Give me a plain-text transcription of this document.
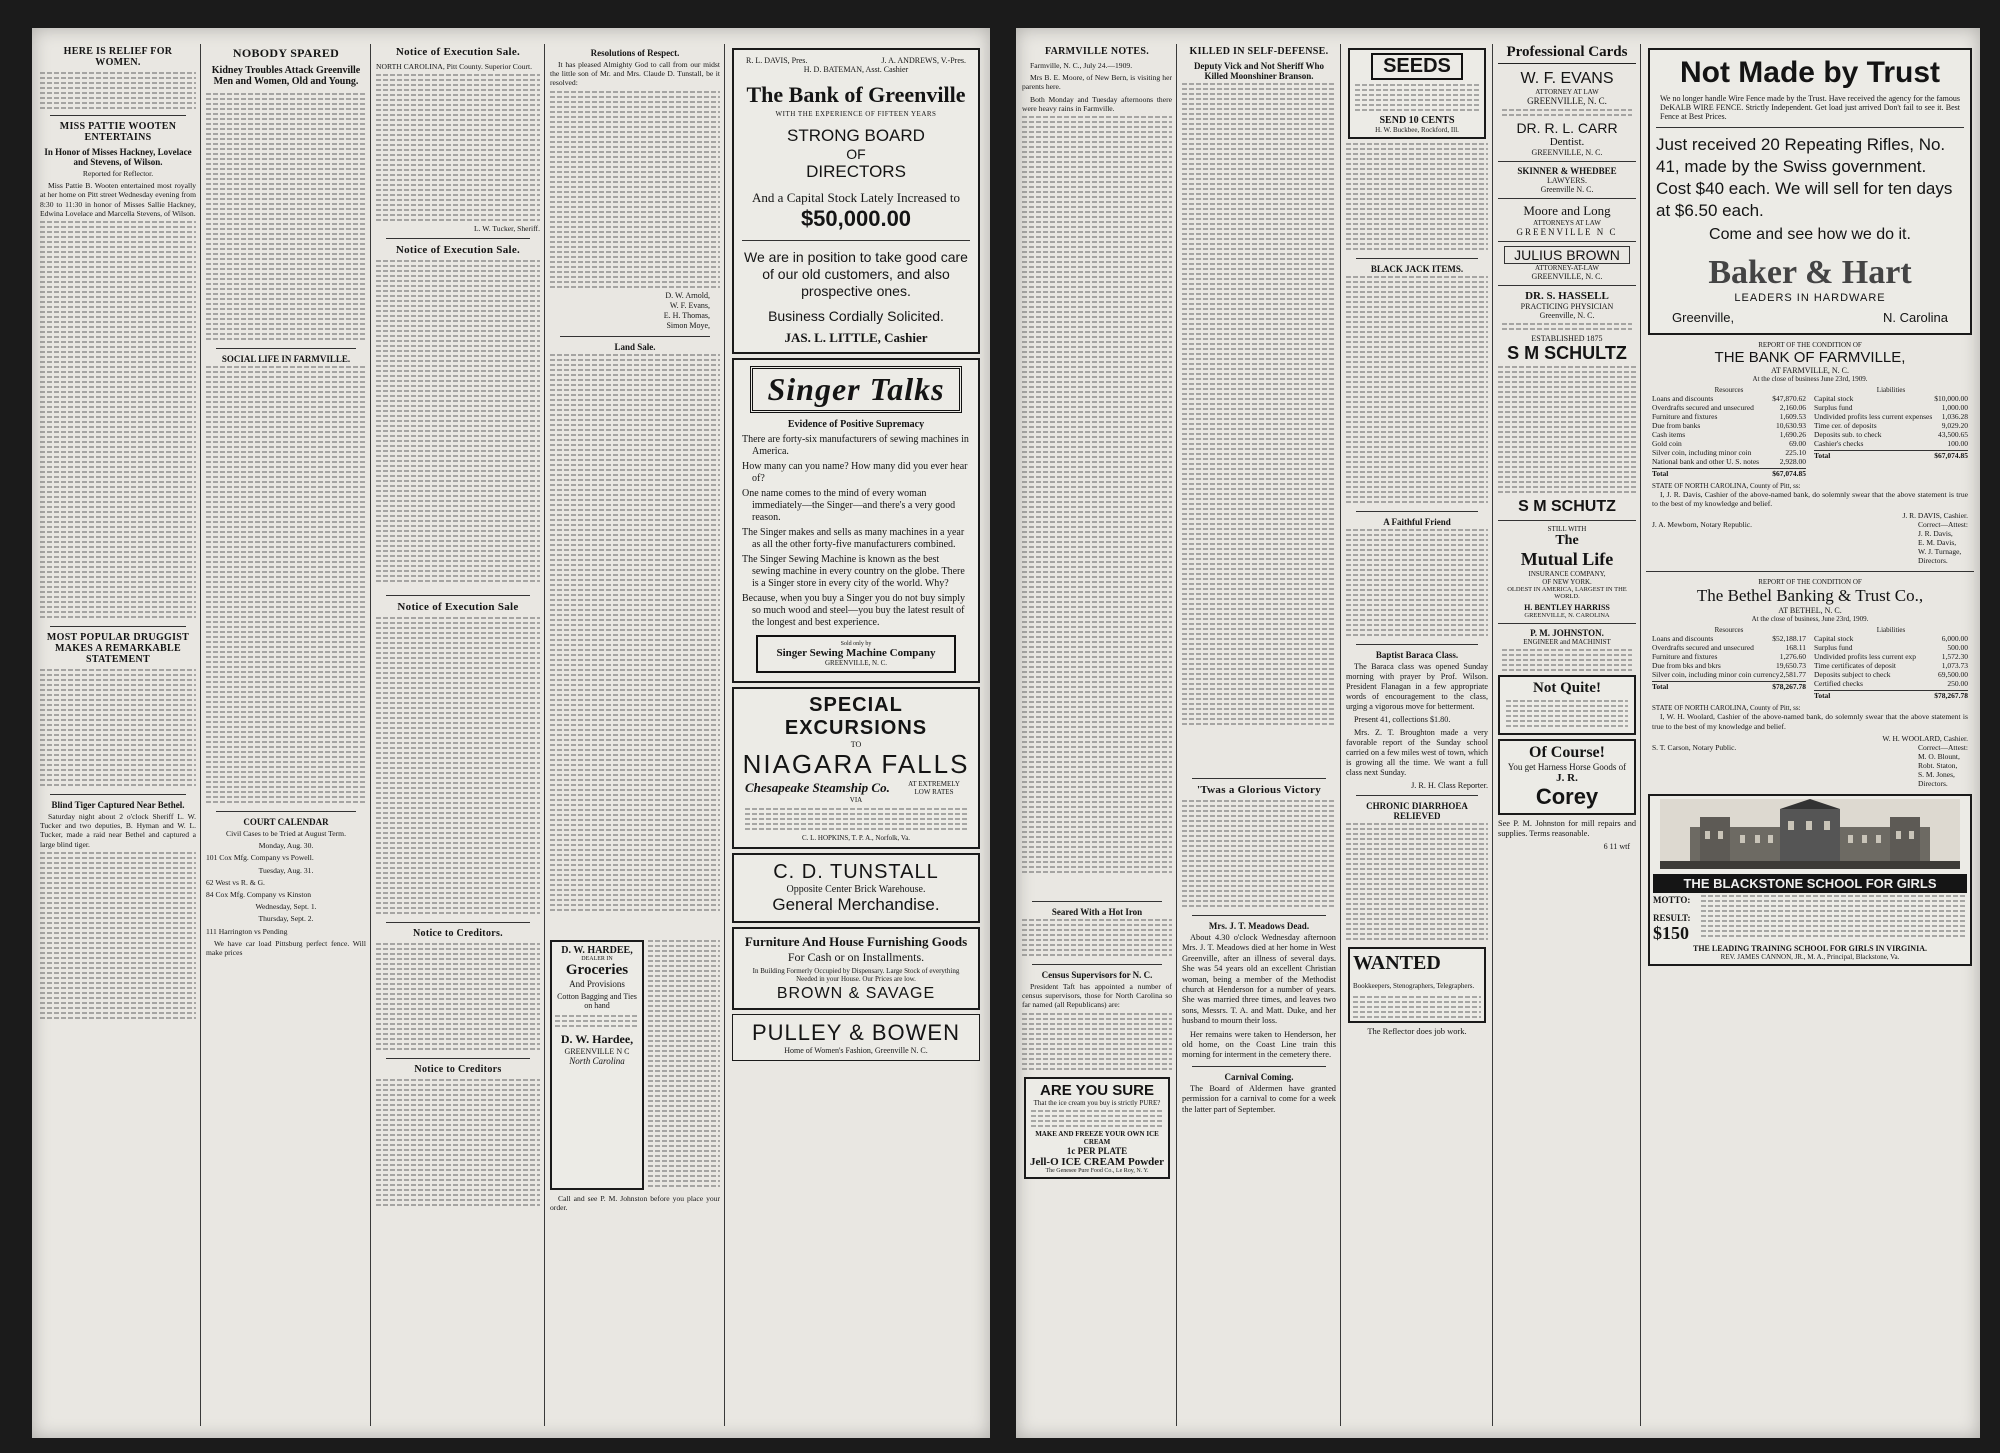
HERE IS RELIEF FOR WOMEN.
MISS PATTIE WOOTEN ENTERTAINS
In Honor of Misses Hackney, Lovelace and Stevens, of Wilson.

Reported for Reflector.

Miss Pattie B. Wooten entertained most royally at her home on Pitt street Wednesday evening from 8:30 to 11:30 in honor of Misses Sallie Hackney, Edwina Lovelace and Marcella Stevens, of Wilson.

MOST POPULAR DRUGGIST MAKES A REMARKABLE STATEMENT
Blind Tiger Captured Near Bethel.

Saturday night about 2 o'clock Sheriff L. W. Tucker and two deputies, B. Hyman and W. L. Tucker, made a raid near Bethel and captured a large blind tiger.

NOBODY SPARED
Kidney Troubles Attack Greenville Men and Women, Old and Young.
SOCIAL LIFE IN FARMVILLE.
COURT CALENDAR

Civil Cases to be Tried at August Term.

Monday, Aug. 30.

101 Cox Mfg. Company vs Powell.

Tuesday, Aug. 31.

62 West vs R. & G.

84 Cox Mfg. Company vs Kinston

Wednesday, Sept. 1.

Thursday, Sept. 2.

111 Harrington vs Pending

We have car load Pittsburg perfect fence. Will make prices

Notice of Execution Sale.

NORTH CAROLINA, Pitt County. Superior Court.

L. W. Tucker, Sheriff.

Notice of Execution Sale.
Notice of Execution Sale
Notice to Creditors.
Notice to Creditors
Resolutions of Respect.

It has pleased Almighty God to call from our midst the little son of Mr. and Mrs. Claude D. Tunstall, be it resolved:

D. W. Arnold,
W. F. Evans,
E. H. Thomas,
Simon Moye,
Land Sale.
D. W. HARDEE,
DEALER IN
Groceries
And Provisions
Cotton Bagging and Ties on hand
D. W. Hardee,
GREENVILLE N C
North Carolina

Call and see P. M. Johnston before you place your order.

R. L. DAVIS, Pres.	J. A. ANDREWS, V.-Pres.
H. D. BATEMAN, Asst. Cashier
The Bank of Greenville
WITH THE EXPERIENCE OF FIFTEEN YEARS
STRONG BOARD
OF
DIRECTORS
And a Capital Stock Lately Increased to
$50,000.00
We are in position to take good care of our old customers, and also prospective ones.
Business Cordially Solicited.
JAS. L. LITTLE, Cashier
Singer Talks
Evidence of Positive Supremacy
There are forty-six manufacturers of sewing machines in America.
How many can you name? How many did you ever hear of?
One name comes to the mind of every woman immediately—the Singer—and there's a very good reason.
The Singer makes and sells as many machines in a year as all the other forty-five manufacturers combined.
The Singer Sewing Machine is known as the best sewing machine in every country on the globe. There is a Singer store in every city of the world. Why?
Because, when you buy a Singer you do not buy simply so much wood and steel—you buy the latest result of the longest and best experience.
Sold only by
Singer Sewing Machine Company
GREENVILLE, N. C.
SPECIAL EXCURSIONS
TO
NIAGARA FALLS
Chesapeake Steamship Co.	AT EXTREMELY LOW RATES
VIA
C. L. HOPKINS, T. P. A., Norfolk, Va.
C. D. TUNSTALL
Opposite Center Brick Warehouse.
General Merchandise.
Furniture And House Furnishing Goods
For Cash or on Installments.
In Building Formerly Occupied by Dispensary. Large Stock of everything Needed in your House. Our Prices are low.
BROWN & SAVAGE
PULLEY & BOWEN
Home of Women's Fashion, Greenville N. C.
FARMVILLE NOTES.

Farmville, N. C., July 24.—1909.

Mrs B. E. Moore, of New Bern, is visiting her parents here.

Both Monday and Tuesday afternoons there were heavy rains in Farmville.

Seared With a Hot Iron
Census Supervisors for N. C.

President Taft has appointed a number of census supervisors, those for North Carolina so far named (all Republicans) are:

ARE YOU SURE
That the ice cream you buy is strictly PURE?
MAKE AND FREEZE YOUR OWN ICE CREAM
1c PER PLATE
Jell-O ICE CREAM Powder
The Genesee Pure Food Co., Le Roy, N. Y.
KILLED IN SELF-DEFENSE.
Deputy Vick and Not Sheriff Who Killed Moonshiner Branson.
'Twas a Glorious Victory
Mrs. J. T. Meadows Dead.

About 4.30 o'clock Wednesday afternoon Mrs. J. T. Meadows died at her home in West Greenville, after an illness of several days. She was 54 years old an excellent Christian woman, being a member of the Methodist church at Henderson for a number of years. She was married three times, and leaves two sons, Messrs. T. A. and Matt. Duke, and her husband to mourn their loss.

Her remains were taken to Henderson, her old home, on the Coast Line train this morning for interment in the cemetery there.

Carnival Coming.

The Board of Aldermen have granted permission for a carnival to come for a week the latter part of September.

SEEDS
SEND 10 CENTS
H. W. Buckbee, Rockford, Ill.
BLACK JACK ITEMS.
A Faithful Friend
Baptist Baraca Class.

The Baraca class was opened Sunday morning with prayer by Prof. Wilson. President Flanagan in a few appropriate words of encouragement to the class, urging a vigorous move for betterment.

Present 41, collections $1.80.

Mrs. Z. T. Broughton made a very favorable report of the Sunday school carried on a few miles west of town, which is growing all the time. We want a full class next Sunday.

J. R. H. Class Reporter.

CHRONIC DIARRHOEA RELIEVED
WANTED Bookkeepers, Stenographers, Telegraphers.

The Reflector does job work.

Professional Cards
W. F. EVANS
ATTORNEY AT LAW
GREENVILLE, N. C.
DR. R. L. CARR
Dentist.
GREENVILLE, N. C.
SKINNER & WHEDBEE
LAWYERS.
Greenville N. C.
Moore and Long
ATTORNEYS AT LAW
GREENVILLE N C
JULIUS BROWN
ATTORNEY-AT-LAW
GREENVILLE, N. C.
DR. S. HASSELL
PRACTICING PHYSICIAN
Greenville, N. C.
ESTABLISHED 1875
S M SCHULTZ
S M SCHUTZ
STILL WITH
The
Mutual Life
INSURANCE COMPANY,
OF NEW YORK.
OLDEST IN AMERICA, LARGEST IN THE WORLD.
H. BENTLEY HARRISS
GREENVILLE, N. CAROLINA
P. M. JOHNSTON.
ENGINEER and MACHINIST
Not Quite!
Of Course!
You get Harness Horse Goods of
J. R.
Corey

See P. M. Johnston for mill repairs and supplies. Terms reasonable.

6 11 wtf
Not Made by Trust
We no longer handle Wire Fence made by the Trust. Have received the agency for the famous DeKALB WIRE FENCE. Strictly Independent. Get load just arrived Don't fail to see it. Best Fence at Best Prices.
Just received 20 Repeating Rifles, No. 41, made by the Swiss government. Cost $40 each. We will sell for ten days at $6.50 each.
Come and see how we do it.
Baker & Hart
LEADERS IN HARDWARE
Greenville,	N. Carolina
REPORT OF THE CONDITION OF
THE BANK OF FARMVILLE,
AT FARMVILLE, N. C.
At the close of business June 23rd, 1909.
Resources
Loans and discounts	$47,870.62
Overdrafts secured and unsecured	2,160.06
Furniture and fixtures	1,609.53
Due from banks	10,630.93
Cash items	1,690.26
Gold coin	69.00
Silver coin, including minor coin	225.10
National bank and other U. S. notes	2,928.00
Total	$67,074.85
Liabilities
Capital stock	$10,000.00
Surplus fund	1,000.00
Undivided profits less current expenses 1,036.28
Time cer. of deposits	9,029.20
Deposits sub. to check	43,500.65
Cashier's checks	100.00
Total	$67,074.85
STATE OF NORTH CAROLINA, County of Pitt, ss:
I, J. R. Davis, Cashier of the above-named bank, do solemnly swear that the above statement is true to the best of my knowledge and belief.
J. R. DAVIS, Cashier.
J. A. Mewborn, Notary Republic.	Correct—Attest:
J. R. Davis,
E. M. Davis,
W. J. Turnage,
Directors.
REPORT OF THE CONDITION OF
The Bethel Banking & Trust Co.,
AT BETHEL, N. C.
At the close of business, June 23rd, 1909.
Resources
Loans and discounts	$52,188.17
Overdrafts secured and unsecured	168.11
Furniture and fixtures	1,276.60
Due from bks and bkrs	19,650.73
Silver coin, including minor coin currency 2,581.77
Total	$78,267.78
Liabilities
Capital stock	6,000.00
Surplus fund	500.00
Undivided profits less current exp	1,572.30
Time certificates of deposit	1,073.73
Deposits subject to check	69,500.00
Certified checks	250.00
Total	$78,267.78
STATE OF NORTH CAROLINA, County of Pitt, ss:
I, W. H. Woolard, Cashier of the above-named bank, do solemnly swear that the above statement is true to the best of my knowledge and belief.
W. H. WOOLARD, Cashier.
S. T. Carson, Notary Public.	Correct—Attest:
M. O. Blount,
Robt. Staton,
S. M. Jones,
Directors.
THE BLACKSTONE SCHOOL FOR GIRLS
MOTTO:
RESULT:
$150
THE LEADING TRAINING SCHOOL FOR GIRLS IN VIRGINIA.
REV. JAMES CANNON, JR., M. A., Principal, Blackstone, Va.
